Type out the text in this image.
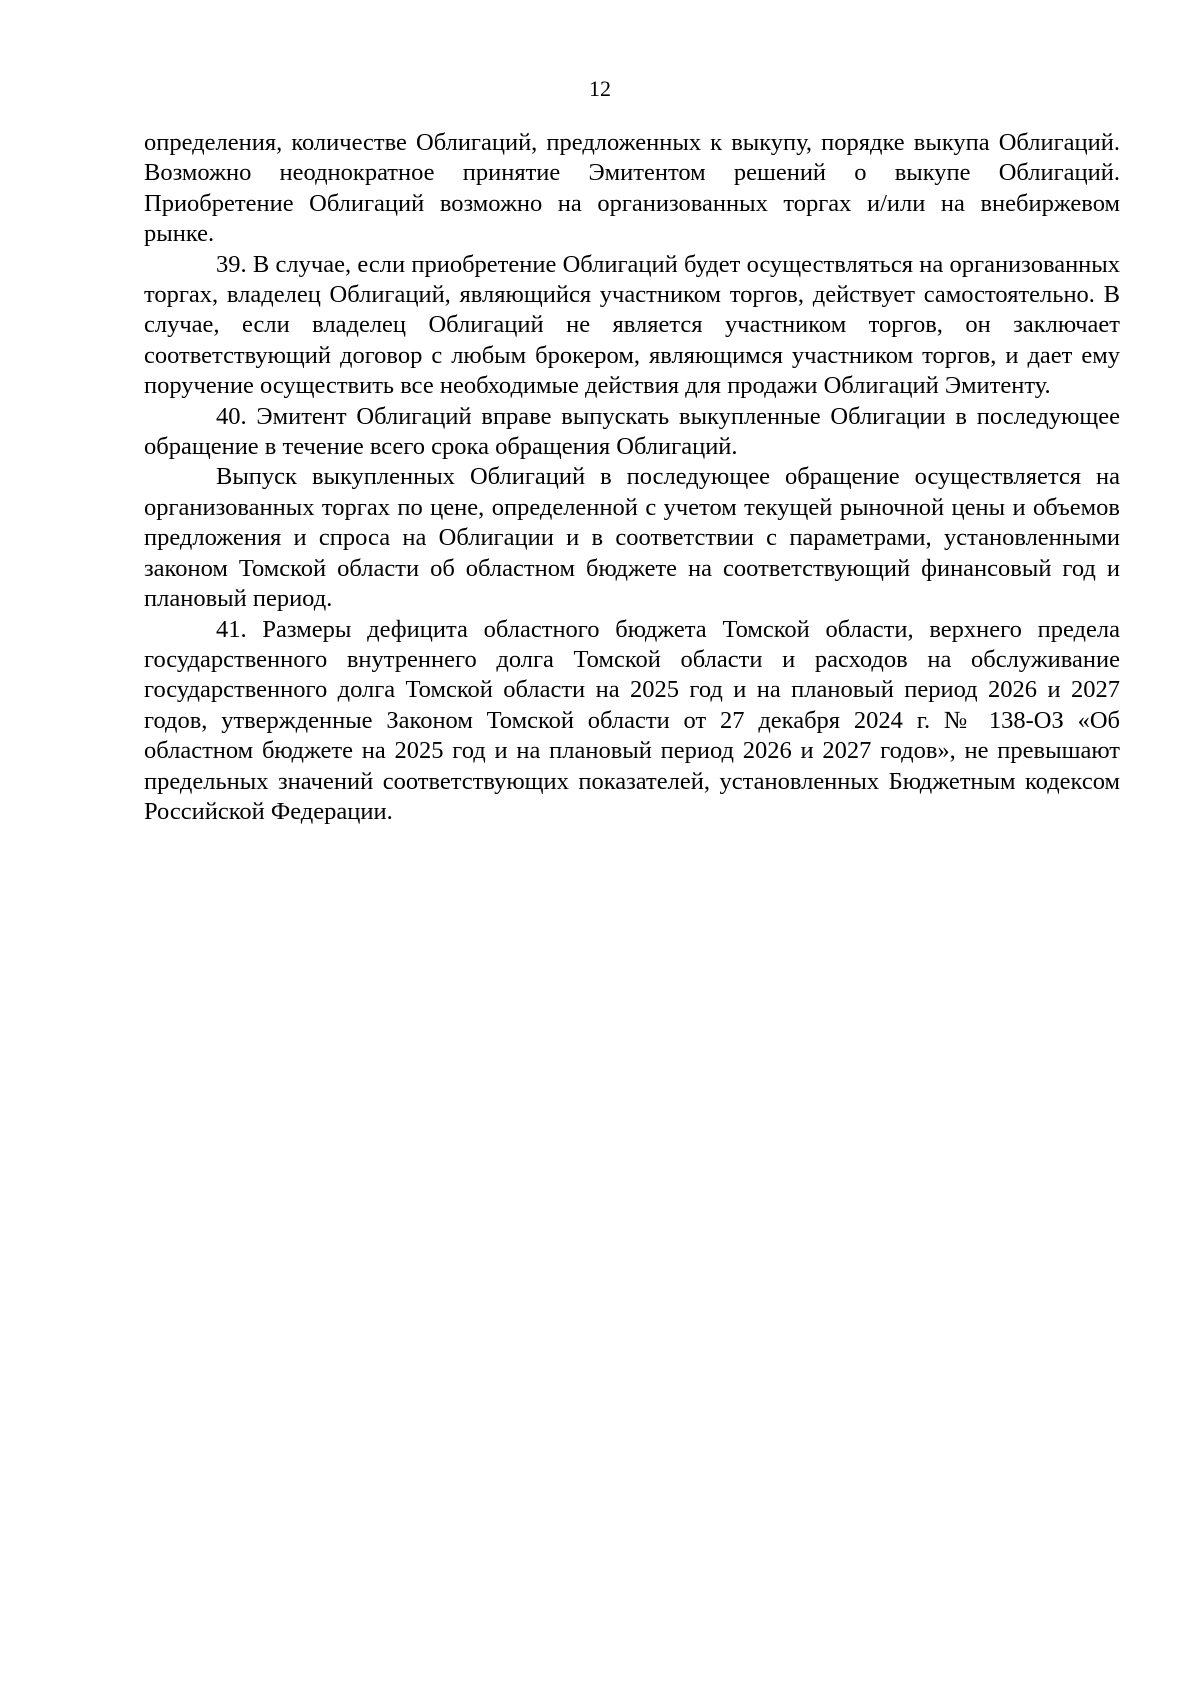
12

определения, количестве Облигаций, предложенных к выкупу, порядке выкупа Облигаций. Возможно неоднократное принятие Эмитентом решений о выкупе Облигаций. Приобретение Облигаций возможно на организованных торгах и/или на внебиржевом рынке.

39. В случае, если приобретение Облигаций будет осуществляться на организованных торгах, владелец Облигаций, являющийся участником торгов, действует самостоятельно. В случае, если владелец Облигаций не является участником торгов, он заключает соответствующий договор с любым брокером, являющимся участником торгов, и дает ему поручение осуществить все необходимые действия для продажи Облигаций Эмитенту.

40. Эмитент Облигаций вправе выпускать выкупленные Облигации в последующее обращение в течение всего срока обращения Облигаций.

Выпуск выкупленных Облигаций в последующее обращение осуществляется на организованных торгах по цене, определенной с учетом текущей рыночной цены и объемов предложения и спроса на Облигации и в соответствии с параметрами, установленными законом Томской области об областном бюджете на соответствующий финансовый год и плановый период.

41. Размеры дефицита областного бюджета Томской области, верхнего предела государственного внутреннего долга Томской области и расходов на обслуживание государственного долга Томской области на 2025 год и на плановый период 2026 и 2027 годов, утвержденные Законом Томской области от 27 декабря 2024 г. № 138-ОЗ «Об областном бюджете на 2025 год и на плановый период 2026 и 2027 годов», не превышают предельных значений соответствующих показателей, установленных Бюджетным кодексом Российской Федерации.
